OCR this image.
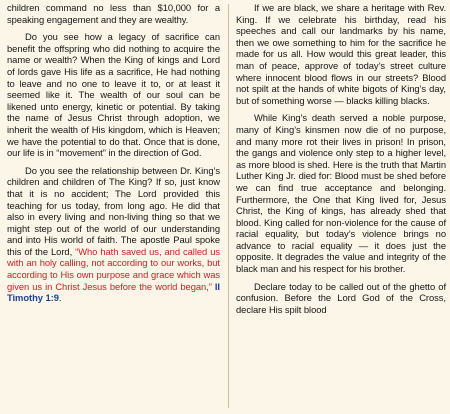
children command no less than $10,000 for a speaking engagement and they are wealthy.

Do you see how a legacy of sacrifice can benefit the offspring who did nothing to acquire the name or wealth? When the King of kings and Lord of lords gave His life as a sacrifice, He had nothing to leave and no one to leave it to, or at least it seemed like it. The wealth of our soul can be likened unto energy, kinetic or potential. By taking the name of Jesus Christ through adoption, we inherit the wealth of His kingdom, which is Heaven; we have the potential to do that. Once that is done, our life is in “movement” in the direction of God.

Do you see the relationship between Dr. King’s children and children of The King? If so, just know that it is no accident; The Lord provided this teaching for us today, from long ago. He did that also in every living and non-living thing so that we might step out of the world of our understanding and into His world of faith. The apostle Paul spoke this of the Lord, “Who hath saved us, and called us with an holy calling, not according to our works, but according to His own purpose and grace which was given us in Christ Jesus before the world began,” II Timothy 1:9.

If we are black, we share a heritage with Rev. King. If we celebrate his birthday, read his speeches and call our landmarks by his name, then we owe something to him for the sacrifice he made for us all. How would this great leader, this man of peace, approve of today’s street culture where innocent blood flows in our streets? Blood not spilt at the hands of white bigots of King’s day, but of something worse — blacks killing blacks.

While King’s death served a noble purpose, many of King’s kinsmen now die of no purpose, and many more rot their lives in prison! In prison, the gangs and violence only step to a higher level, as more blood is shed. Here is the truth that Martin Luther King Jr. died for: Blood must be shed before we can find true acceptance and belonging. Furthermore, the One that King lived for, Jesus Christ, the King of kings, has already shed that blood. King called for non-violence for the cause of racial equality, but today’s violence brings no advance to racial equality — it does just the opposite. It degrades the value and integrity of the black man and his respect for his brother.

Declare today to be called out of the ghetto of confusion. Before the Lord God of the Cross, declare His spilt blood
